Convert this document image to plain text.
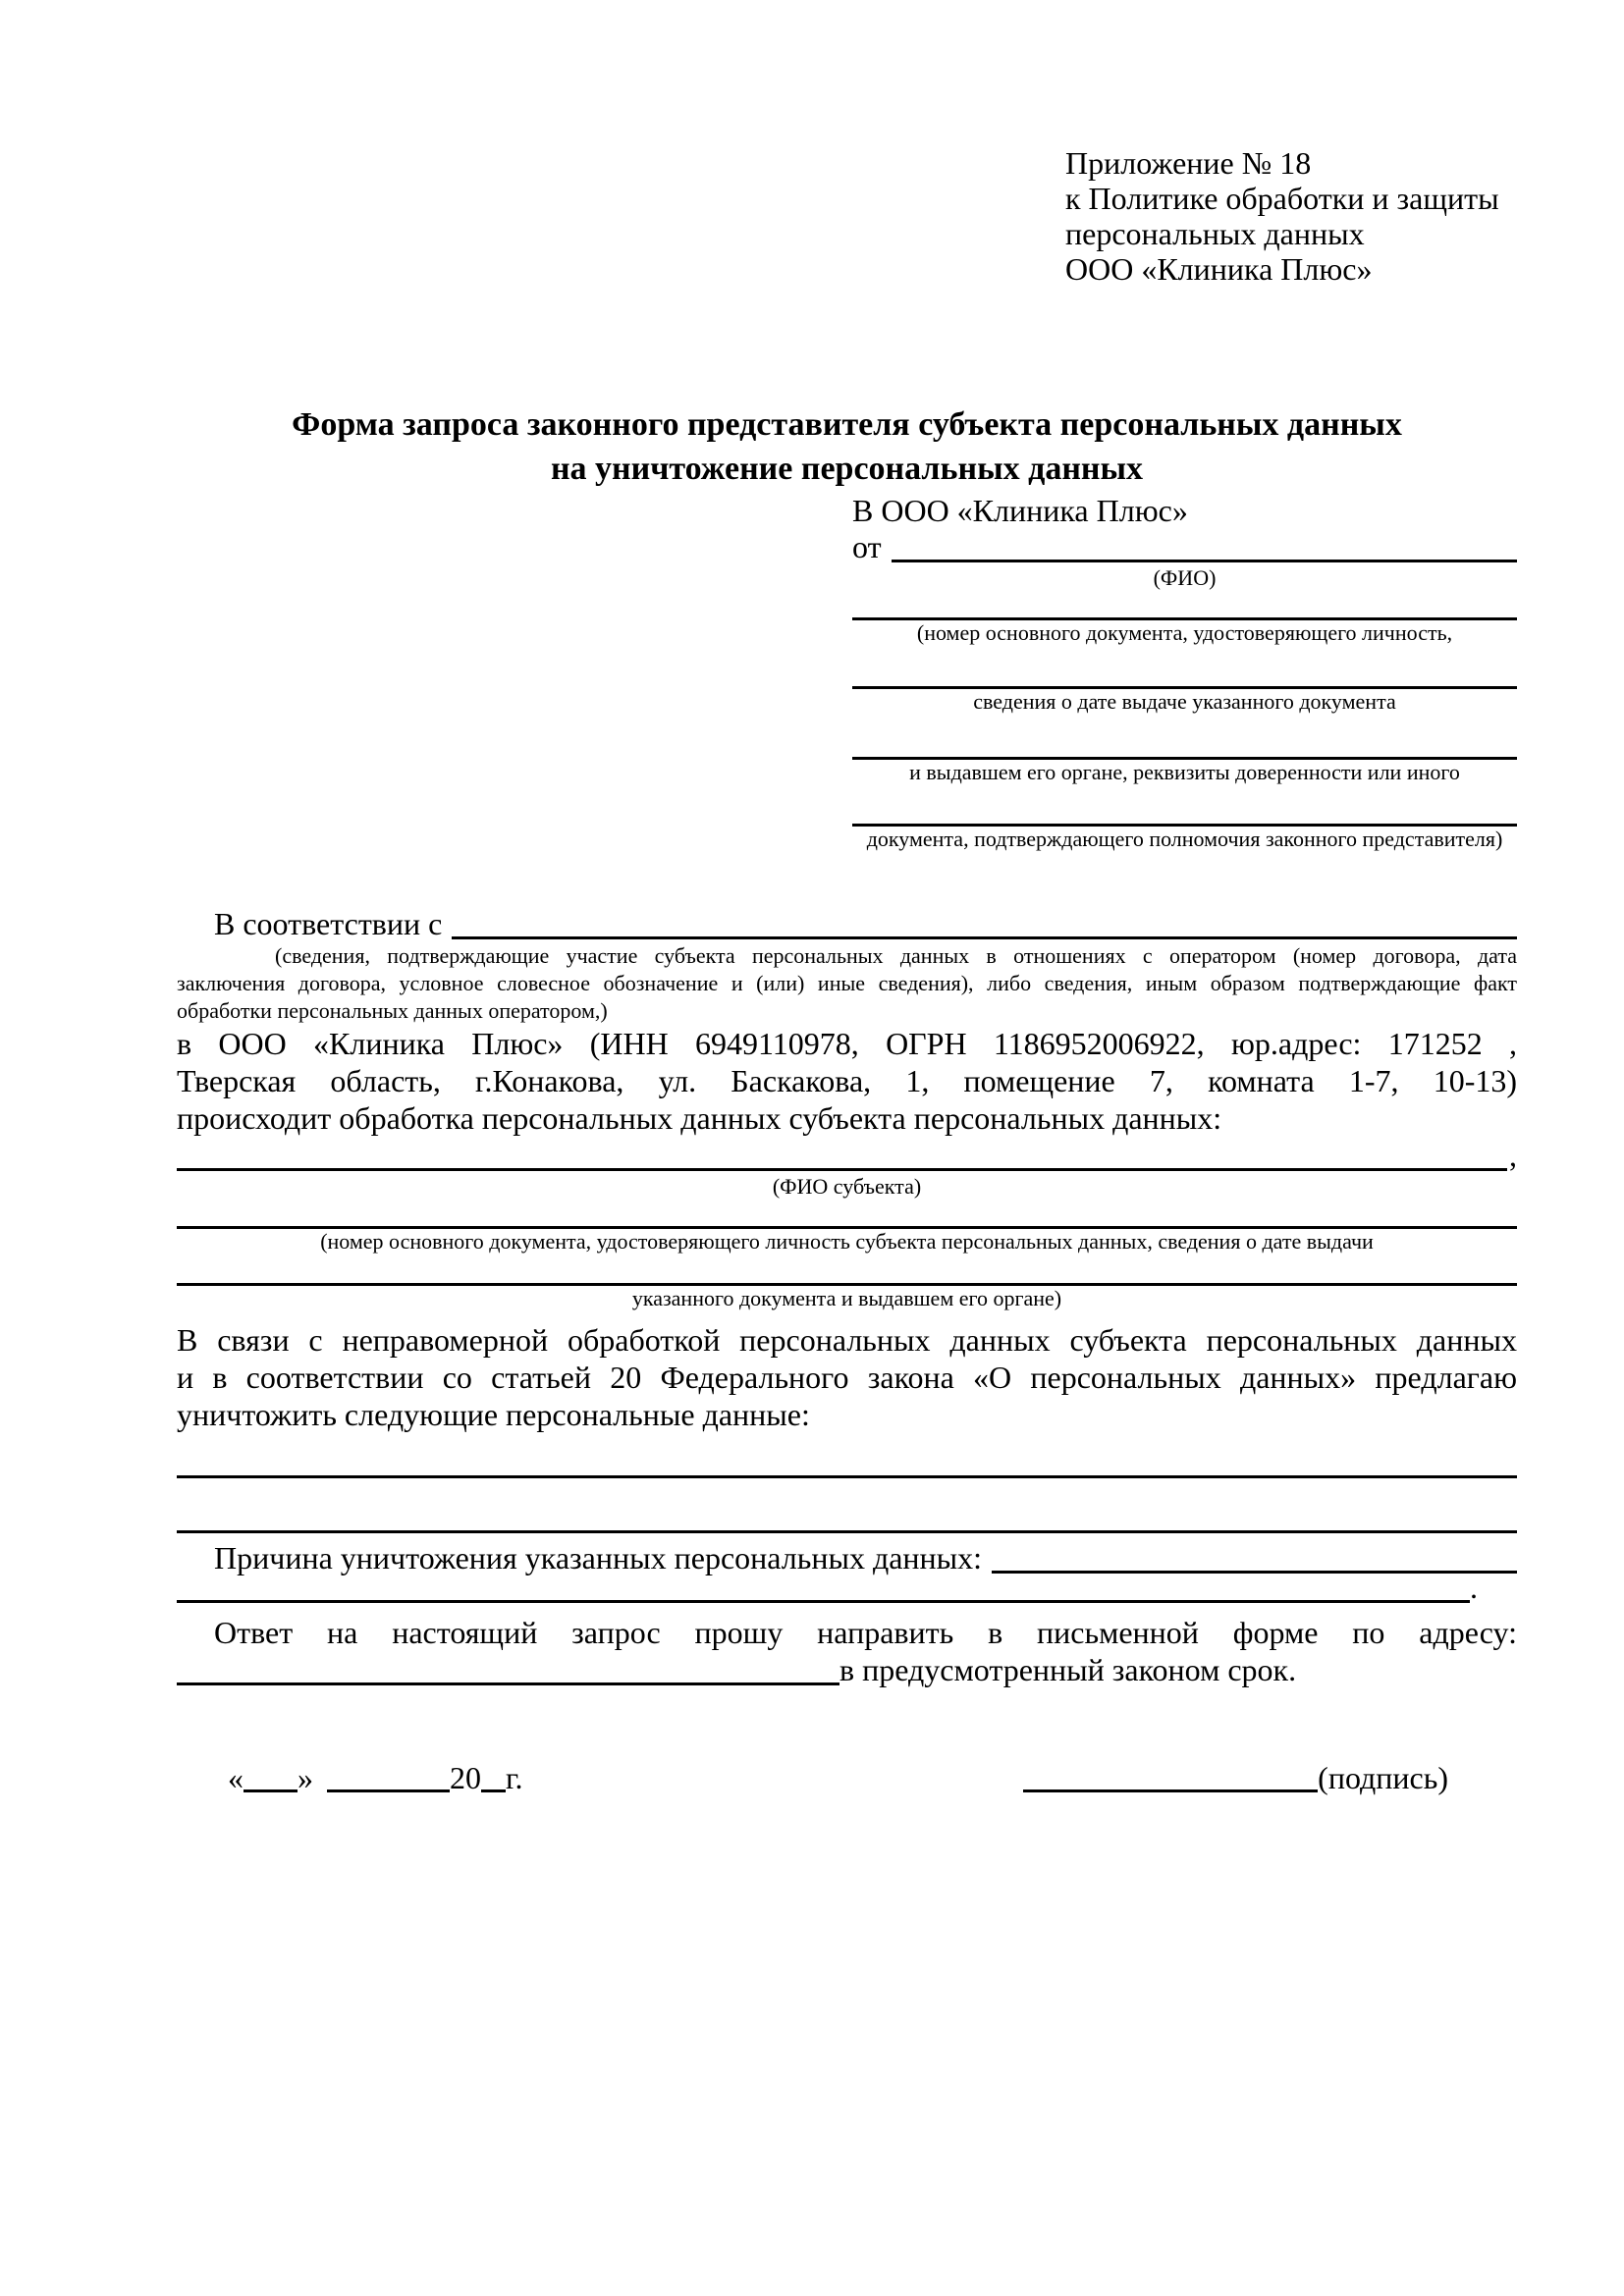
Приложение № 18
к Политике обработки и защиты
персональных данных
ООО «Клиника Плюс»
Форма запроса законного представителя субъекта персональных данных
на уничтожение персональных данных
В ООО «Клиника Плюс»
от
(ФИО)
(номер основного документа, удостоверяющего личность,
сведения о дате выдаче указанного документа
и выдавшем его органе, реквизиты доверенности или иного
документа, подтверждающего полномочия законного представителя)
В соответствии с
(сведения, подтверждающие участие субъекта персональных данных в отношениях с оператором (номер договора, дата
заключения договора, условное словесное обозначение и (или) иные сведения), либо сведения, иным образом подтверждающие факт
обработки персональных данных оператором,)
в ООО «Клиника Плюс» (ИНН 6949110978, ОГРН 1186952006922, юр.адрес: 171252 ,
Тверская область, г.Конакова, ул. Баскакова, 1, помещение 7, комната 1-7, 10-13)
происходит обработка персональных данных субъекта персональных данных:
,
(ФИО субъекта)
(номер основного документа, удостоверяющего личность субъекта персональных данных, сведения о дате выдачи
указанного документа и выдавшем его органе)
В связи с неправомерной обработкой персональных данных субъекта персональных данных
и в соответствии со статьей 20 Федерального закона «О персональных данных» предлагаю
уничтожить следующие персональные данные:
Причина уничтожения указанных персональных данных:
.
Ответ на настоящий запрос прошу направить в письменной форме по адресу:
в предусмотренный законом срок.
« »	20 г.	(подпись)
